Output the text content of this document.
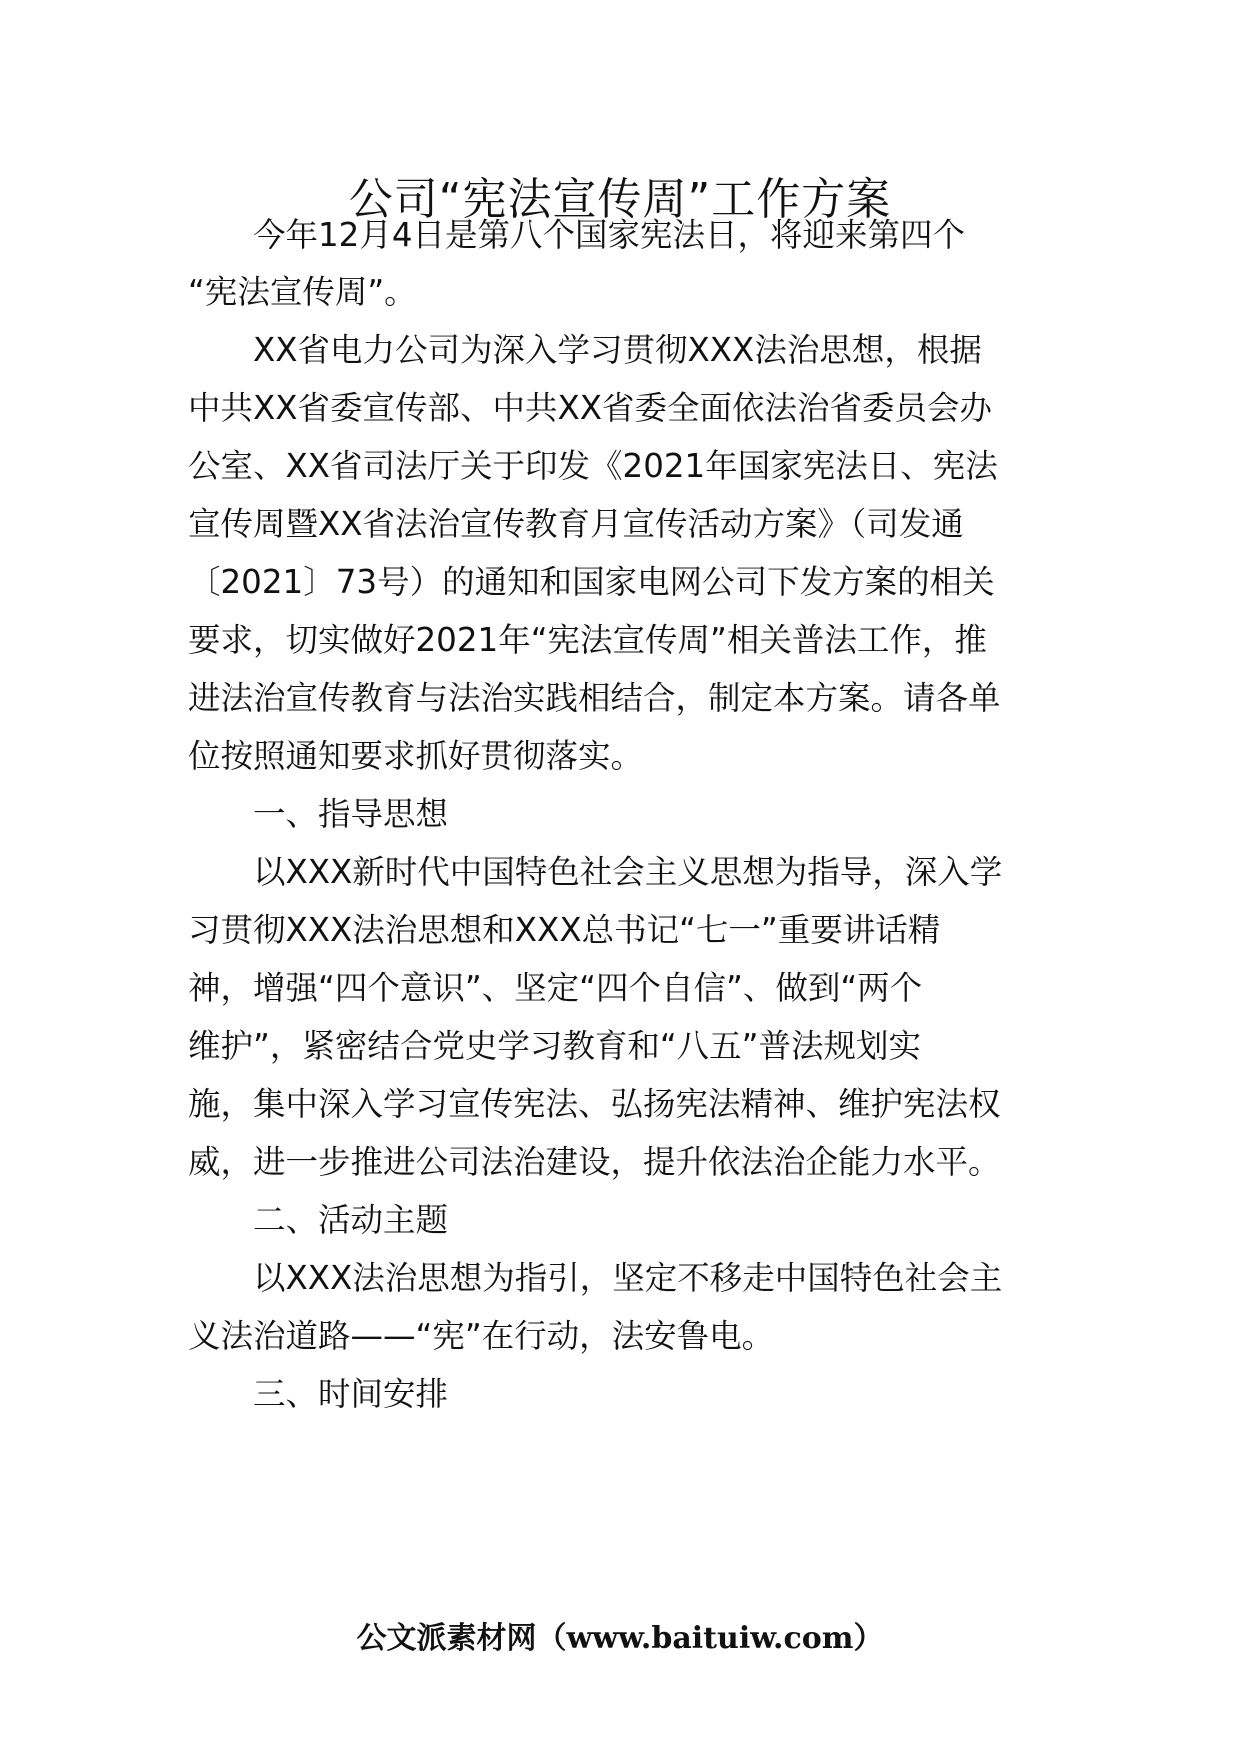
公司“宪法宣传周”工作方案
　　今年12月4日是第八个国家宪法日，将迎来第四个
“宪法宣传周”。
　　XX省电力公司为深入学习贯彻XXX法治思想，根据
中共XX省委宣传部、中共XX省委全面依法治省委员会办
公室、XX省司法厅关于印发《2021年国家宪法日、宪法
宣传周暨XX省法治宣传教育月宣传活动方案》（司发通
〔2021〕73号）的通知和国家电网公司下发方案的相关
要求，切实做好2021年“宪法宣传周”相关普法工作，推
进法治宣传教育与法治实践相结合，制定本方案。请各单
位按照通知要求抓好贯彻落实。
　　一、指导思想
　　以XXX新时代中国特色社会主义思想为指导，深入学
习贯彻XXX法治思想和XXX总书记“七一”重要讲话精
神，增强“四个意识”、坚定“四个自信”、做到“两个
维护”，紧密结合党史学习教育和“八五”普法规划实
施，集中深入学习宣传宪法、弘扬宪法精神、维护宪法权
威，进一步推进公司法治建设，提升依法治企能力水平。
　　二、活动主题
　　以XXX法治思想为指引，坚定不移走中国特色社会主
义法治道路——“宪”在行动，法安鲁电。
　　三、时间安排
公文派素材网（www.baituiw.com）
